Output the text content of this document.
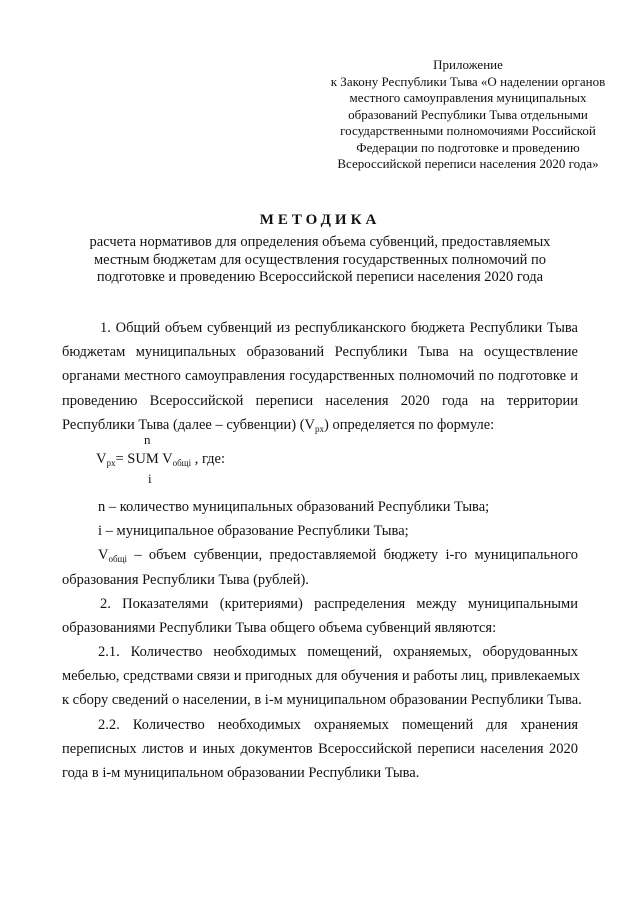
Приложение
к Закону Республики Тыва «О наделении органов
местного самоуправления муниципальных
образований Республики Тыва отдельными
государственными полномочиями Российской
Федерации по подготовке и проведению
Всероссийской переписи населения 2020 года»
МЕТОДИКА
расчета нормативов для определения объема субвенций, предоставляемых
местным бюджетам для осуществления государственных полномочий по
подготовке и проведению Всероссийской переписи населения 2020 года
1. Общий объем субвенций из республиканского бюджета Республики Тыва
бюджетам муниципальных образований Республики Тыва на осуществление
органами местного самоуправления государственных полномочий по подготовке и
проведению Всероссийской переписи населения 2020 года на территории
Республики Тыва (далее – субвенции) $(V_{рх})$ определяется по формуле:
n
$V_{рх}=$ SUM $V_{общi}$ , где:
i
n – количество муниципальных образований Республики Тыва;
i – муниципальное образование Республики Тыва;
$V_{общi}$ – объем субвенции, предоставляемой бюджету i-го муниципального
образования Республики Тыва (рублей).
2. Показателями (критериями) распределения между муниципальными
образованиями Республики Тыва общего объема субвенций являются:
2.1. Количество необходимых помещений, охраняемых, оборудованных
мебелью, средствами связи и пригодных для обучения и работы лиц, привлекаемых
к сбору сведений о населении, в i-м муниципальном образовании Республики Тыва.
2.2. Количество необходимых охраняемых помещений для хранения
переписных листов и иных документов Всероссийской переписи населения 2020
года в i-м муниципальном образовании Республики Тыва.
